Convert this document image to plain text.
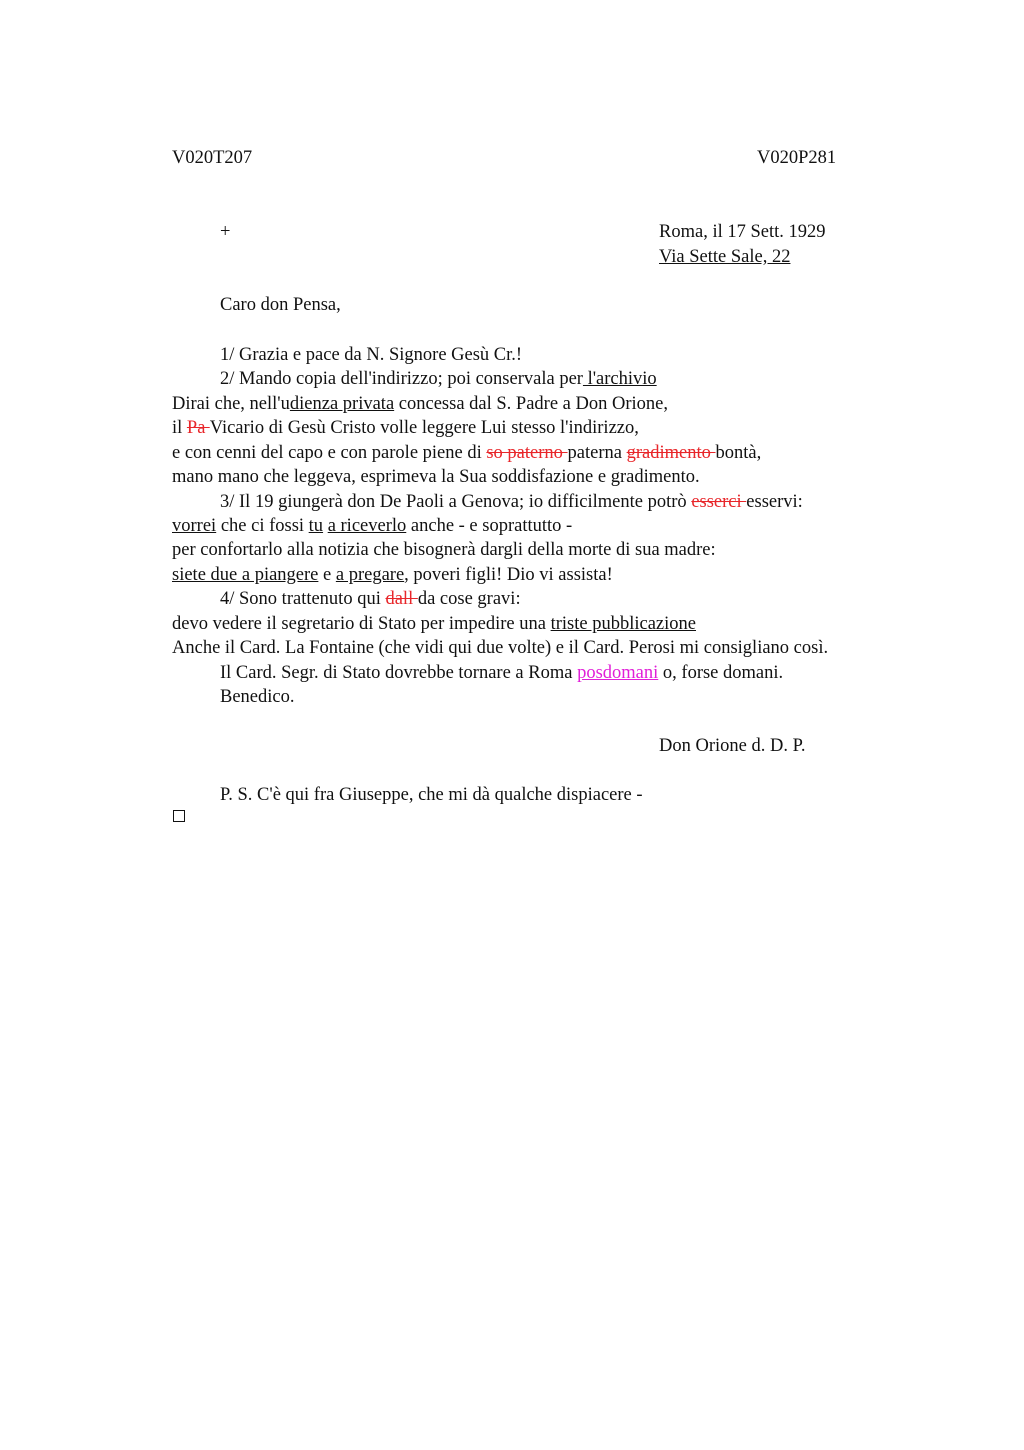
V020T207	V020P281
+	Roma, il 17 Sett. 1929
Via Sette Sale, 22
Caro don Pensa,
1/ Grazia e pace da N. Signore Gesù Cr.!
2/ Mando copia dell'indirizzo; poi conservala per l'archivio
Dirai che, nell'udienza privata concessa dal S. Padre a Don Orione,
il Pa Vicario di Gesù Cristo volle leggere Lui stesso l'indirizzo,
e con cenni del capo e con parole piene di so paterno paterna gradimento bontà,
mano mano che leggeva, esprimeva la Sua soddisfazione e gradimento.
3/ Il 19 giungerà don De Paoli a Genova; io difficilmente potrò esserci esservi:
vorrei che ci fossi tu a riceverlo anche - e soprattutto -
per confortarlo alla notizia che bisognerà dargli della morte di sua madre:
siete due a piangere e a pregare, poveri figli! Dio vi assista!
4/ Sono trattenuto qui dall da cose gravi:
devo vedere il segretario di Stato per impedire una triste pubblicazione
Anche il Card. La Fontaine (che vidi qui due volte) e il Card. Perosi mi consigliano così.
Il Card. Segr. di Stato dovrebbe tornare a Roma posdomani o, forse domani.
Benedico.
Don Orione d. D. P.
P. S. C'è qui fra Giuseppe, che mi dà qualche dispiacere -
